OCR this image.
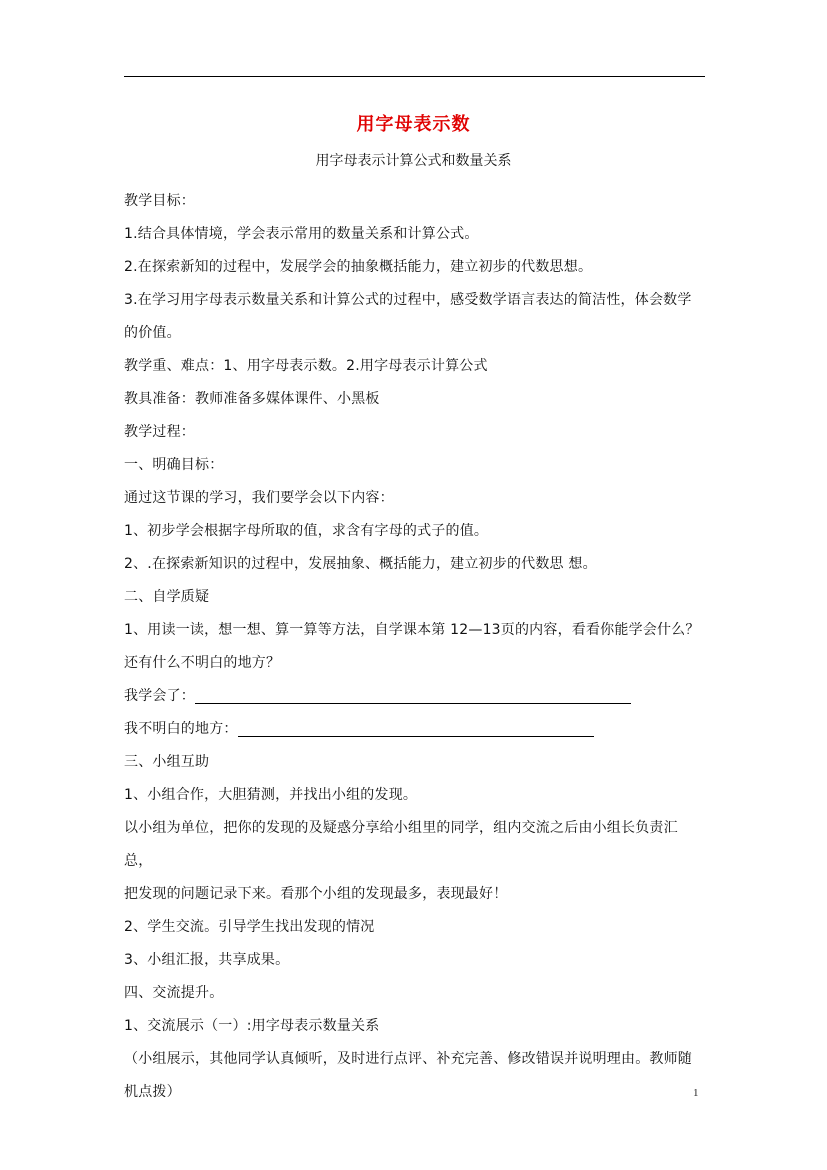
用字母表示数
用字母表示计算公式和数量关系

教学目标：

1.结合具体情境，学会表示常用的数量关系和计算公式。

2.在探索新知的过程中，发展学会的抽象概括能力，建立初步的代数思想。

3.在学习用字母表示数量关系和计算公式的过程中，感受数学语言表达的简洁性，体会数学

的价值。

教学重、难点：1、用字母表示数。2.用字母表示计算公式

教具准备：教师准备多媒体课件、小黑板

教学过程：

一、明确目标：

通过这节课的学习，我们要学会以下内容：

1、初步学会根据字母所取的值，求含有字母的式子的值。

2、.在探索新知识的过程中，发展抽象、概括能力，建立初步的代数思 想。

二、自学质疑

1、用读一读，想一想、算一算等方法，自学课本第 12—13页的内容，看看你能学会什么？

还有什么不明白的地方？

我学会了：

我不明白的地方：

三、小组互助

1、小组合作，大胆猜测，并找出小组的发现。

以小组为单位，把你的发现的及疑惑分享给小组里的同学，组内交流之后由小组长负责汇总，

把发现的问题记录下来。看那个小组的发现最多，表现最好！

2、学生交流。引导学生找出发现的情况

3、小组汇报，共享成果。

四、交流提升。

1、交流展示（一）:用字母表示数量关系

（小组展示，其他同学认真倾听，及时进行点评、补充完善、修改错误并说明理由。教师随

机点拨）	1
